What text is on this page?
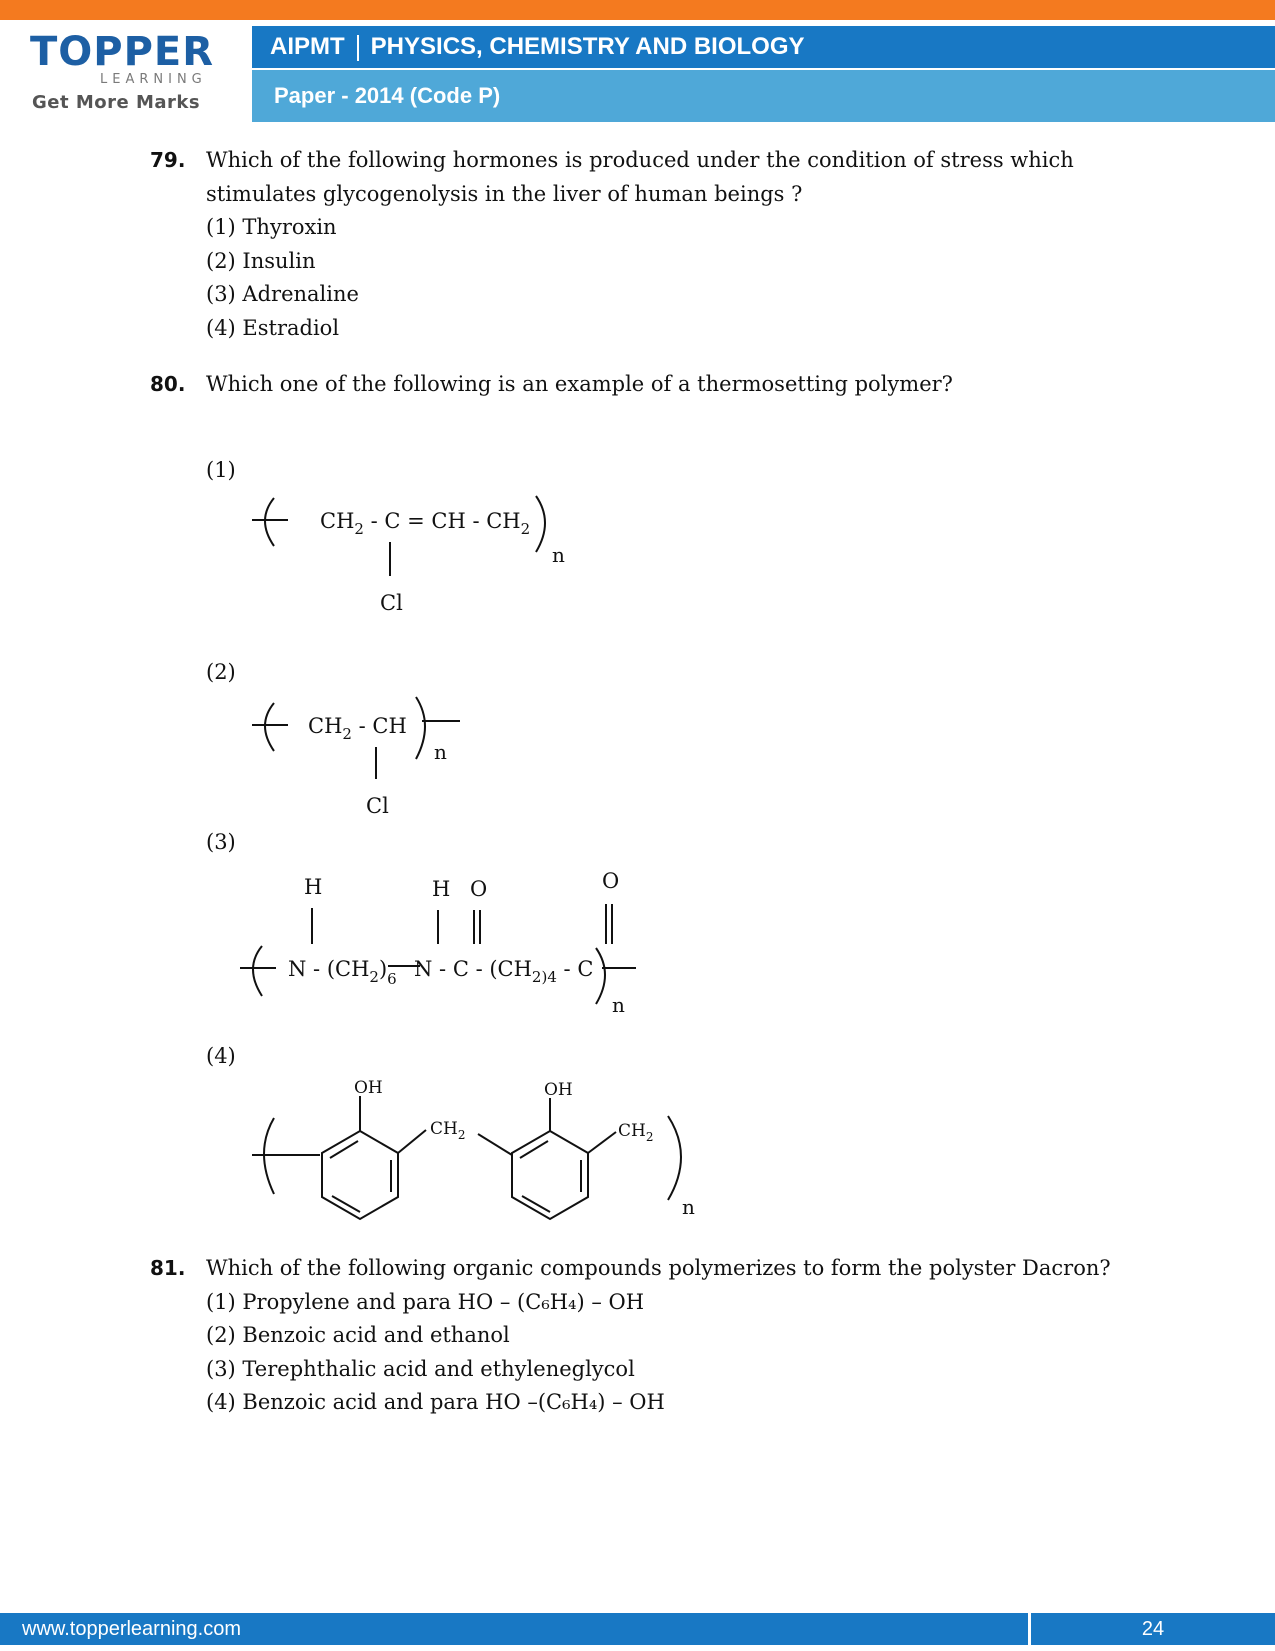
TOPPER
LEARNING
Get More Marks
AIPMT PHYSICS, CHEMISTRY AND BIOLOGY
Paper - 2014 (Code P)
79. Which of the following hormones is produced under the condition of stress which
stimulates glycogenolysis in the liver of human beings ?
(1) Thyroxin
(2) Insulin
(3) Adrenaline
(4) Estradiol
80. Which one of the following is an example of a thermosetting polymer?
(1)
$CH_2$ - C = CH - $CH_2$
n
Cl
(2)
$CH_2$ - CH
n
Cl
(3)
H	H O	O
N - $(CH_2)_6$ N - C - ($CH_{2)4}$ - C
n
(4)
OH
$CH_2$
OH
$CH_2$
n
81. Which of the following organic compounds polymerizes to form the polyster Dacron?
(1) Propylene and para HO – (C₆H₄) – OH
(2) Benzoic acid and ethanol
(3) Terephthalic acid and ethyleneglycol
(4) Benzoic acid and para HO –(C₆H₄) – OH
www.topperlearning.com	24
